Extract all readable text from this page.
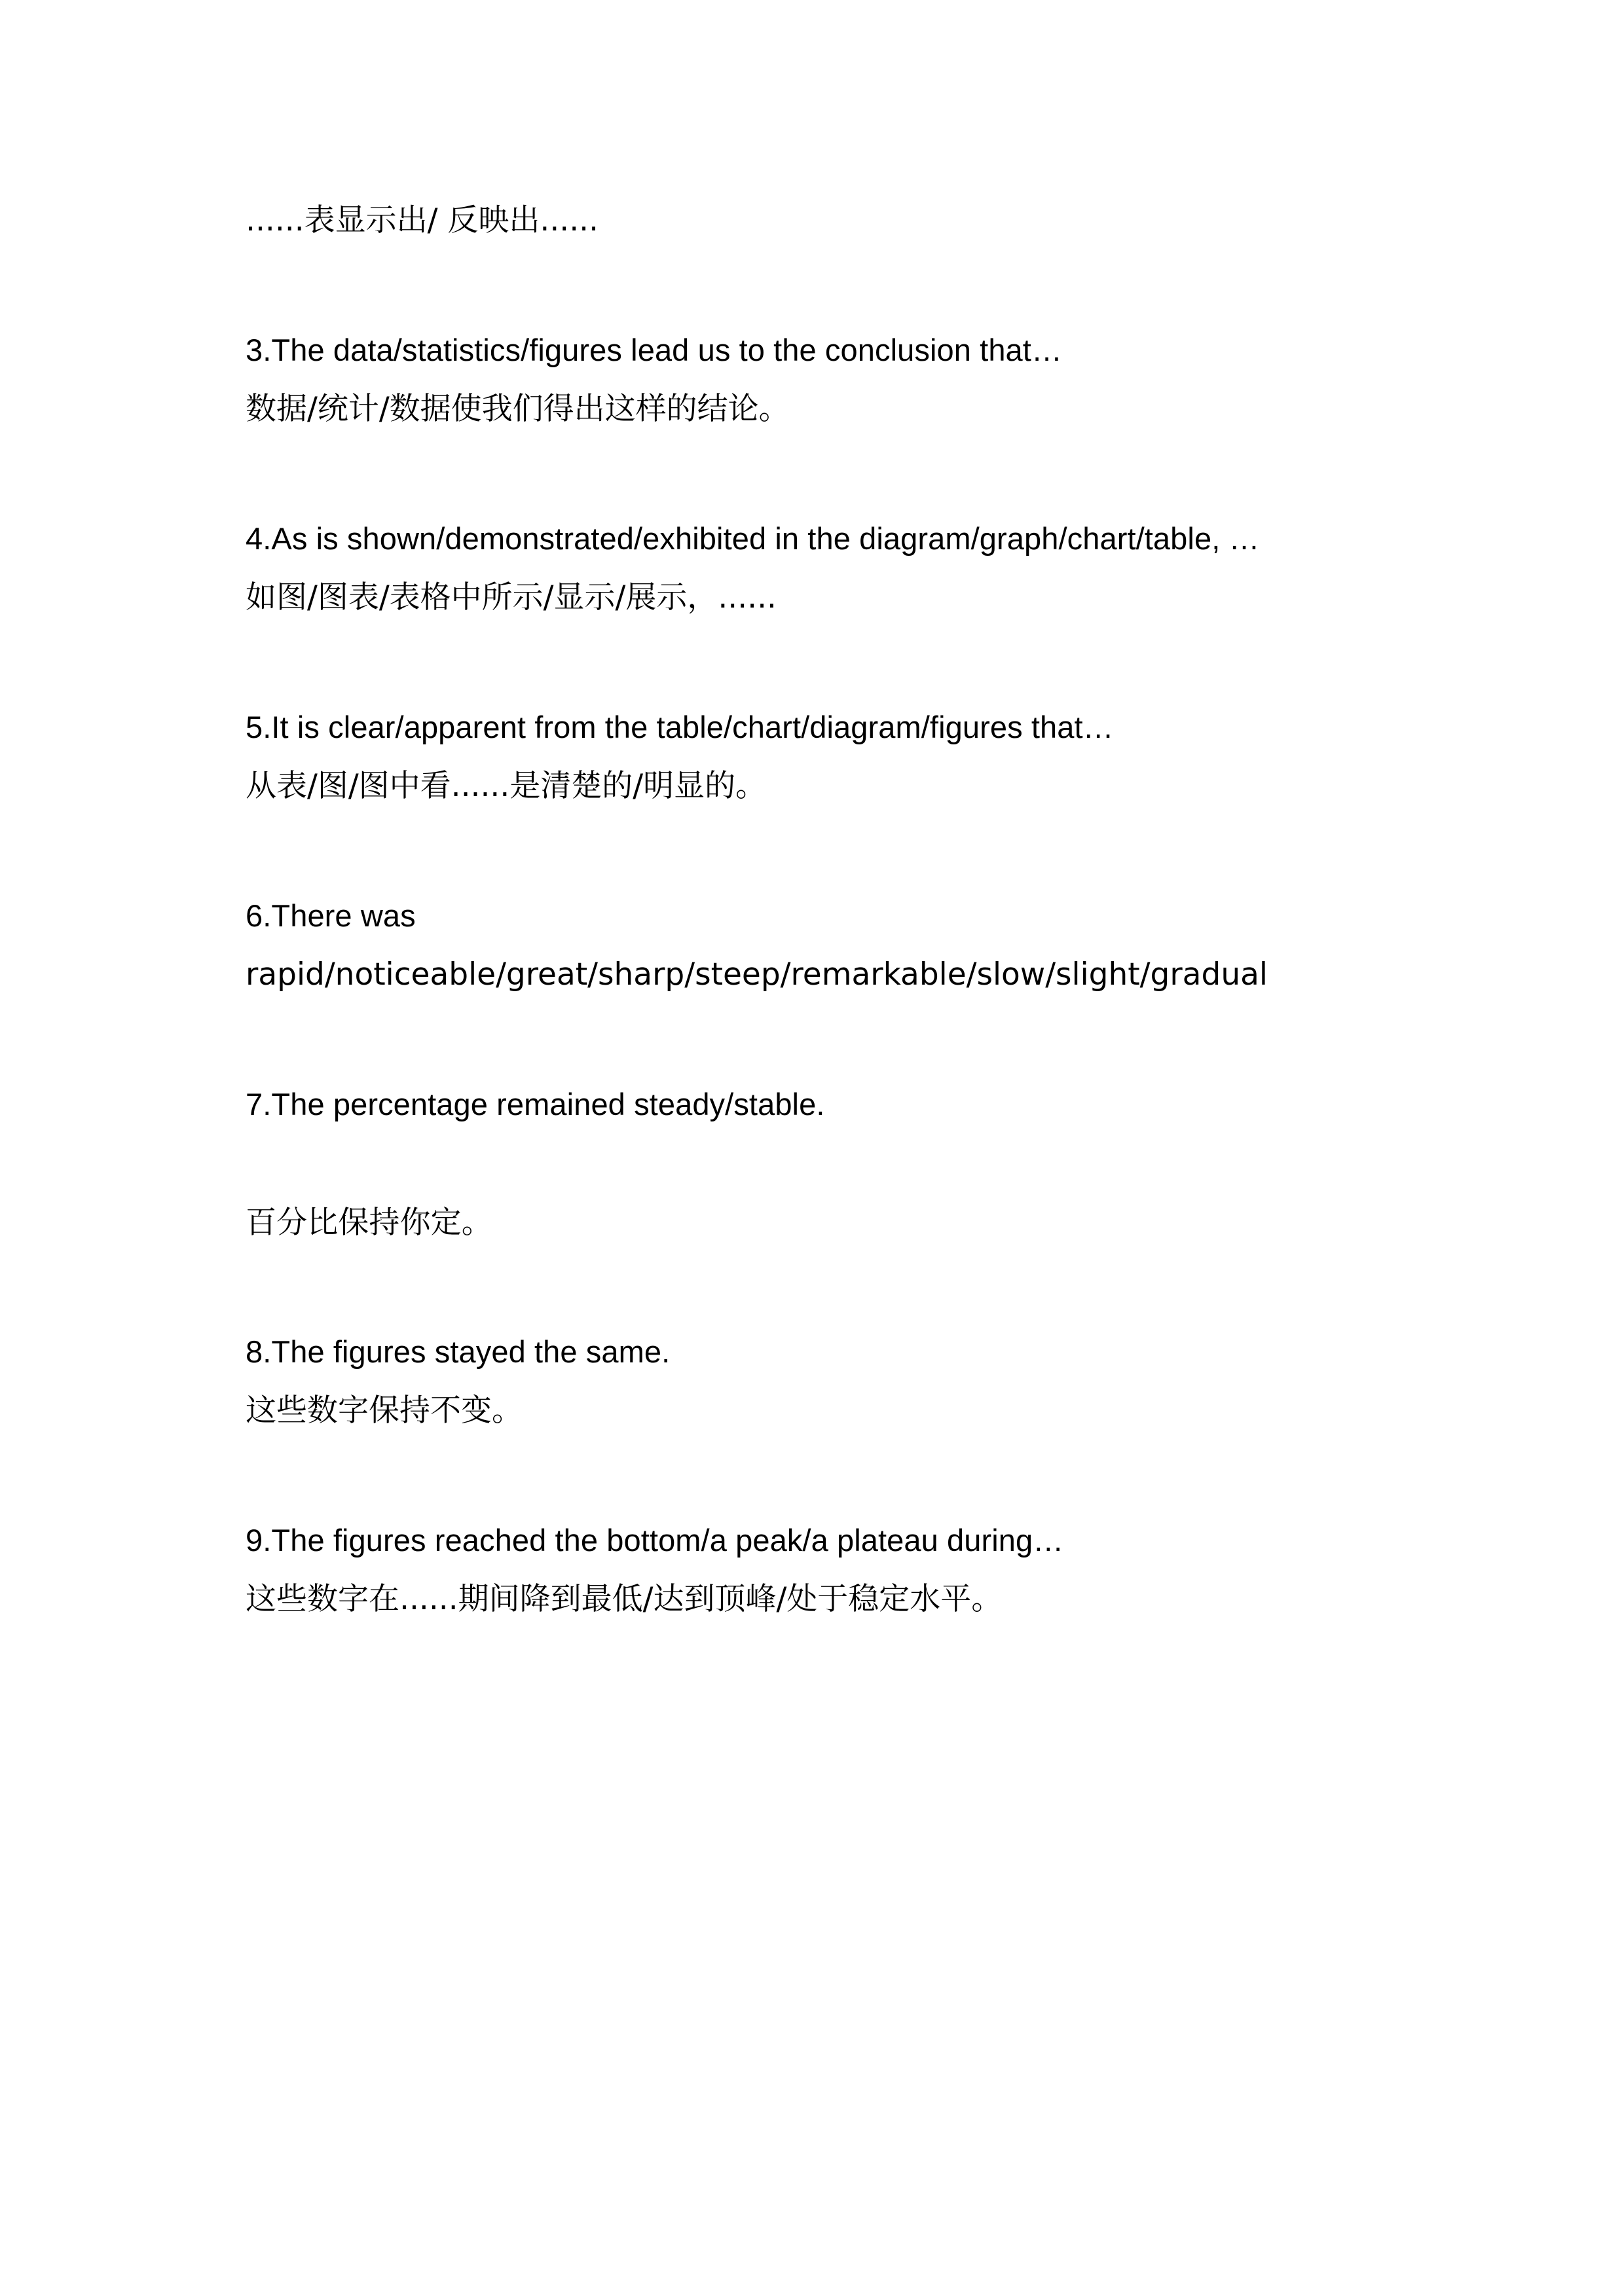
......表显示出/ 反映出......
3.The data/statistics/figures lead us to the conclusion that…
数据/统计/数据使我们得出这样的结论。
4.As is shown/demonstrated/exhibited in the diagram/graph/chart/table, …
如图/图表/表格中所示/显示/展示，......
5.It is clear/apparent from the table/chart/diagram/figures that…
从表/图/图中看......是清楚的/明显的。
6.There was
rapid/noticeable/great/sharp/steep/remarkable/slow/slight/gradual
7.The percentage remained steady/stable.
百分比保持你定。
8.The figures stayed the same.
这些数字保持不变。
9.The figures reached the bottom/a peak/a plateau during…
这些数字在......期间降到最低/达到顶峰/处于稳定水平。
